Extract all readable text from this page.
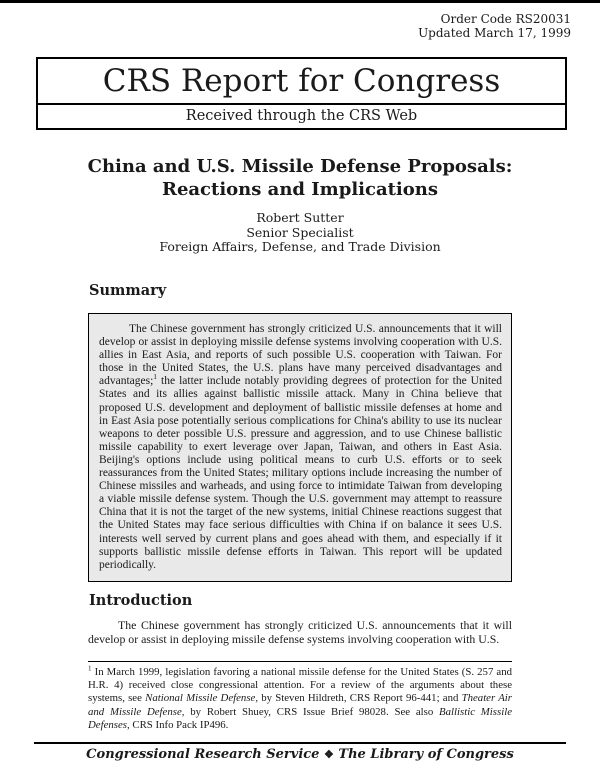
Order Code RS20031
Updated March 17, 1999
CRS Report for Congress
Received through the CRS Web
China and U.S. Missile Defense Proposals:
Reactions and Implications
Robert Sutter
Senior Specialist
Foreign Affairs, Defense, and Trade Division
Summary

The Chinese government has strongly criticized U.S. announcements that it will develop or assist in deploying missile defense systems involving cooperation with U.S. allies in East Asia, and reports of such possible U.S. cooperation with Taiwan. For those in the United States, the U.S. plans have many perceived disadvantages and advantages;$^1$ the latter include notably providing degrees of protection for the United States and its allies against ballistic missile attack. Many in China believe that proposed U.S. development and deployment of ballistic missile defenses at home and in East Asia pose potentially serious complications for China's ability to use its nuclear weapons to deter possible U.S. pressure and aggression, and to use Chinese ballistic missile capability to exert leverage over Japan, Taiwan, and others in East Asia. Beijing's options include using political means to curb U.S. efforts or to seek reassurances from the United States; military options include increasing the number of Chinese missiles and warheads, and using force to intimidate Taiwan from developing a viable missile defense system. Though the U.S. government may attempt to reassure China that it is not the target of the new systems, initial Chinese reactions suggest that the United States may face serious difficulties with China if on balance it sees U.S. interests well served by current plans and goes ahead with them, and especially if it supports ballistic missile defense efforts in Taiwan. This report will be updated periodically.

Introduction

The Chinese government has strongly criticized U.S. announcements that it will develop or assist in deploying missile defense systems involving cooperation with U.S.

$^1$ In March 1999, legislation favoring a national missile defense for the United States (S. 257 and H.R. 4) received close congressional attention. For a review of the arguments about these systems, see National Missile Defense, by Steven Hildreth, CRS Report 96-441; and Theater Air and Missile Defense, by Robert Shuey, CRS Issue Brief 98028. See also Ballistic Missile Defenses, CRS Info Pack IP496.

Congressional Research Service ❖ The Library of Congress
